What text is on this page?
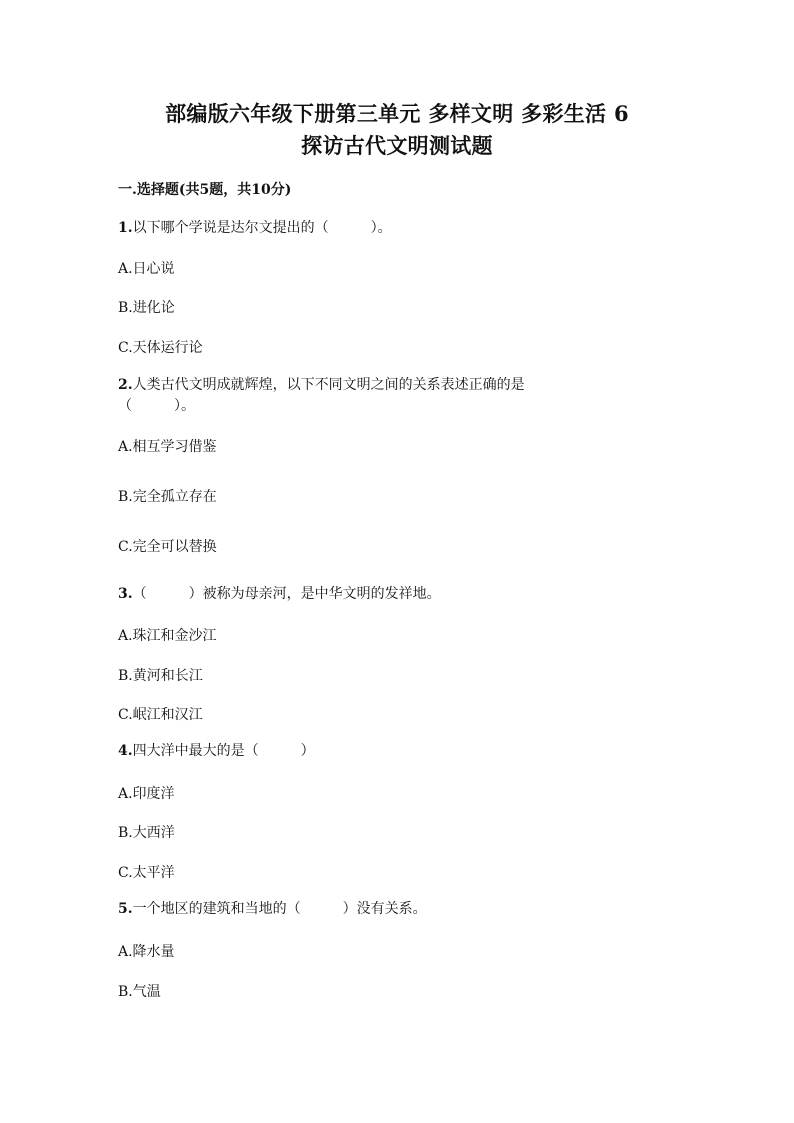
部编版六年级下册第三单元 多样文明 多彩生活 6
探访古代文明测试题
一.选择题(共5题，共10分)
1.以下哪个学说是达尔文提出的（　　　）。
A.日心说
B.进化论
C.天体运行论
2.人类古代文明成就辉煌，以下不同文明之间的关系表述正确的是
（　　　）。
A.相互学习借鉴
B.完全孤立存在
C.完全可以替换
3.（　　　）被称为母亲河，是中华文明的发祥地。
A.珠江和金沙江
B.黄河和长江
C.岷江和汉江
4.四大洋中最大的是（　　　）
A.印度洋
B.大西洋
C.太平洋
5.一个地区的建筑和当地的（　　　）没有关系。
A.降水量
B.气温
